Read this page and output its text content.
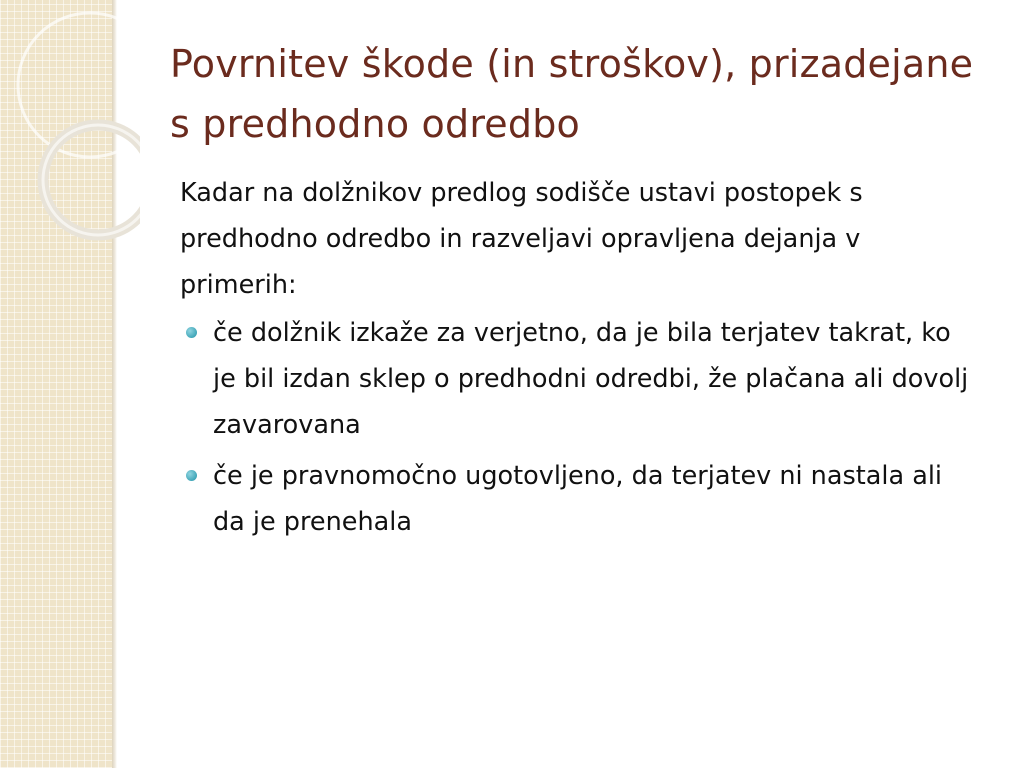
Povrnitev škode (in stroškov), prizadejane s predhodno odredbo

Kadar na dolžnikov predlog sodišče ustavi postopek s predhodno odredbo in razveljavi opravljena dejanja v primerih:

če dolžnik izkaže za verjetno, da je bila terjatev takrat, ko je bil izdan sklep o predhodni odredbi, že plačana ali dovolj zavarovana
če je pravnomočno ugotovljeno, da terjatev ni nastala ali da je prenehala
